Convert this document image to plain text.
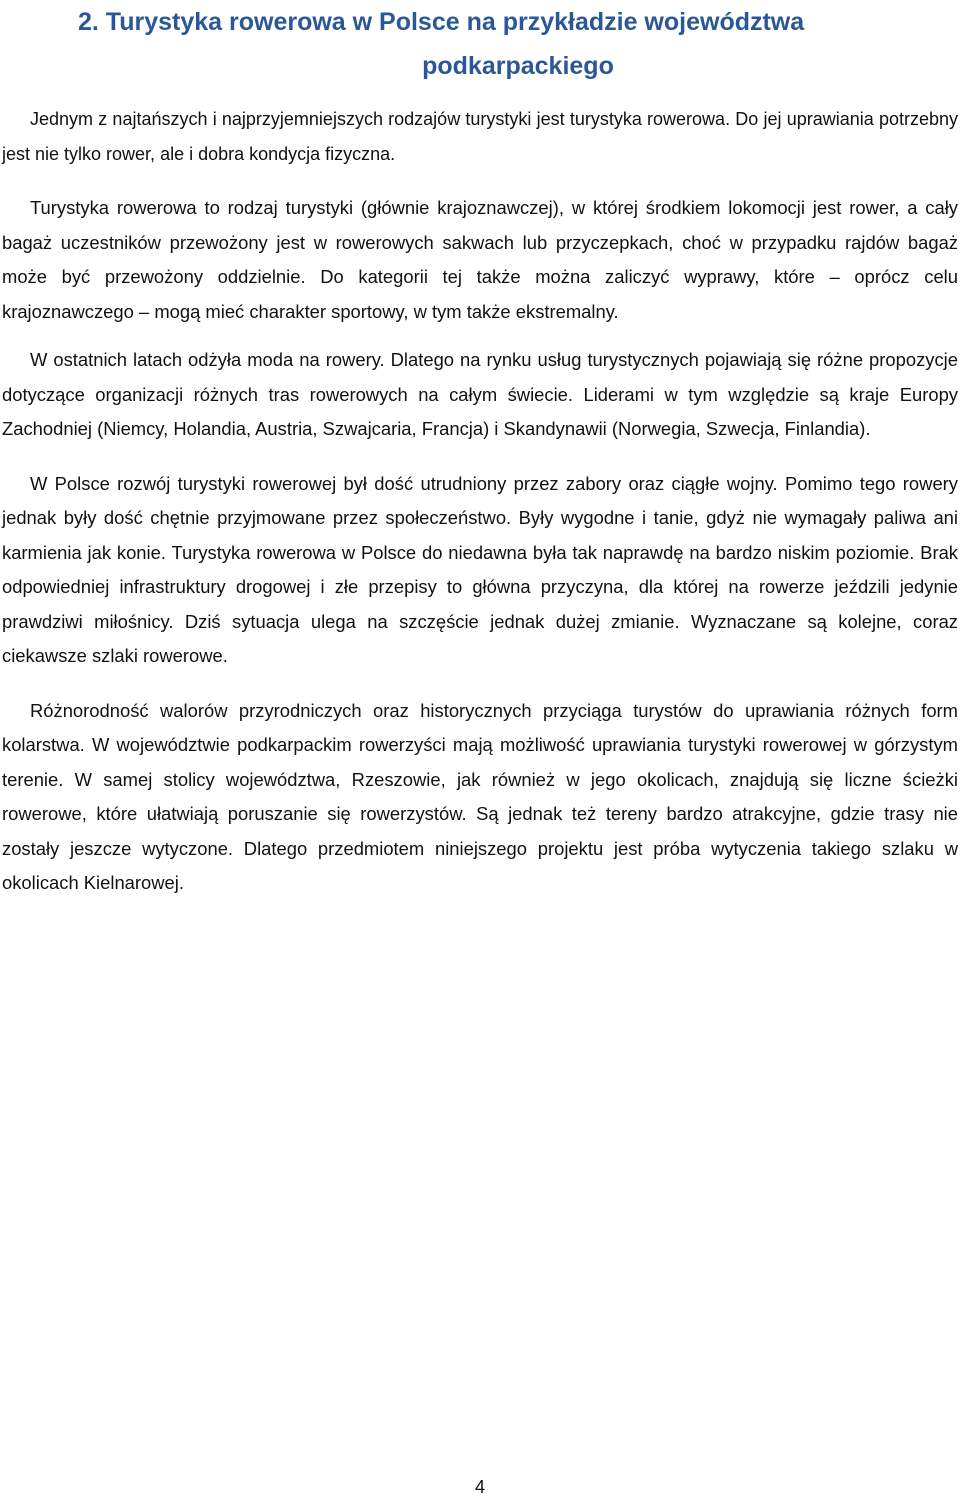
2. Turystyka rowerowa w Polsce na przykładzie województwa
podkarpackiego

Jednym z najtańszych i najprzyjemniejszych rodzajów turystyki jest turystyka rowerowa. Do jej uprawiania potrzebny jest nie tylko rower, ale i dobra kondycja fizyczna.

Turystyka rowerowa to rodzaj turystyki (głównie krajoznawczej), w której środkiem lokomocji jest rower, a cały bagaż uczestników przewożony jest w rowerowych sakwach lub przyczepkach, choć w przypadku rajdów bagaż może być przewożony oddzielnie. Do kategorii tej także można zaliczyć wyprawy, które – oprócz celu krajoznawczego – mogą mieć charakter sportowy, w tym także ekstremalny.

W ostatnich latach odżyła moda na rowery. Dlatego na rynku usług turystycznych pojawiają się różne propozycje dotyczące organizacji różnych tras rowerowych na całym świecie. Liderami w tym względzie są kraje Europy Zachodniej (Niemcy, Holandia, Austria, Szwajcaria, Francja) i Skandynawii (Norwegia, Szwecja, Finlandia).

W Polsce rozwój turystyki rowerowej był dość utrudniony przez zabory oraz ciągłe wojny. Pomimo tego rowery jednak były dość chętnie przyjmowane przez społeczeństwo. Były wygodne i tanie, gdyż nie wymagały paliwa ani karmienia jak konie. Turystyka rowerowa w Polsce do niedawna była tak naprawdę na bardzo niskim poziomie. Brak odpowiedniej infrastruktury drogowej i złe przepisy to główna przyczyna, dla której na rowerze jeździli jedynie prawdziwi miłośnicy. Dziś sytuacja ulega na szczęście jednak dużej zmianie. Wyznaczane są kolejne, coraz ciekawsze szlaki rowerowe.

Różnorodność walorów przyrodniczych oraz historycznych przyciąga turystów do uprawiania różnych form kolarstwa. W województwie podkarpackim rowerzyści mają możliwość uprawiania turystyki rowerowej w górzystym terenie. W samej stolicy województwa, Rzeszowie, jak również w jego okolicach, znajdują się liczne ścieżki rowerowe, które ułatwiają poruszanie się rowerzystów. Są jednak też tereny bardzo atrakcyjne, gdzie trasy nie zostały jeszcze wytyczone. Dlatego przedmiotem niniejszego projektu jest próba wytyczenia takiego szlaku w okolicach Kielnarowej.

4
